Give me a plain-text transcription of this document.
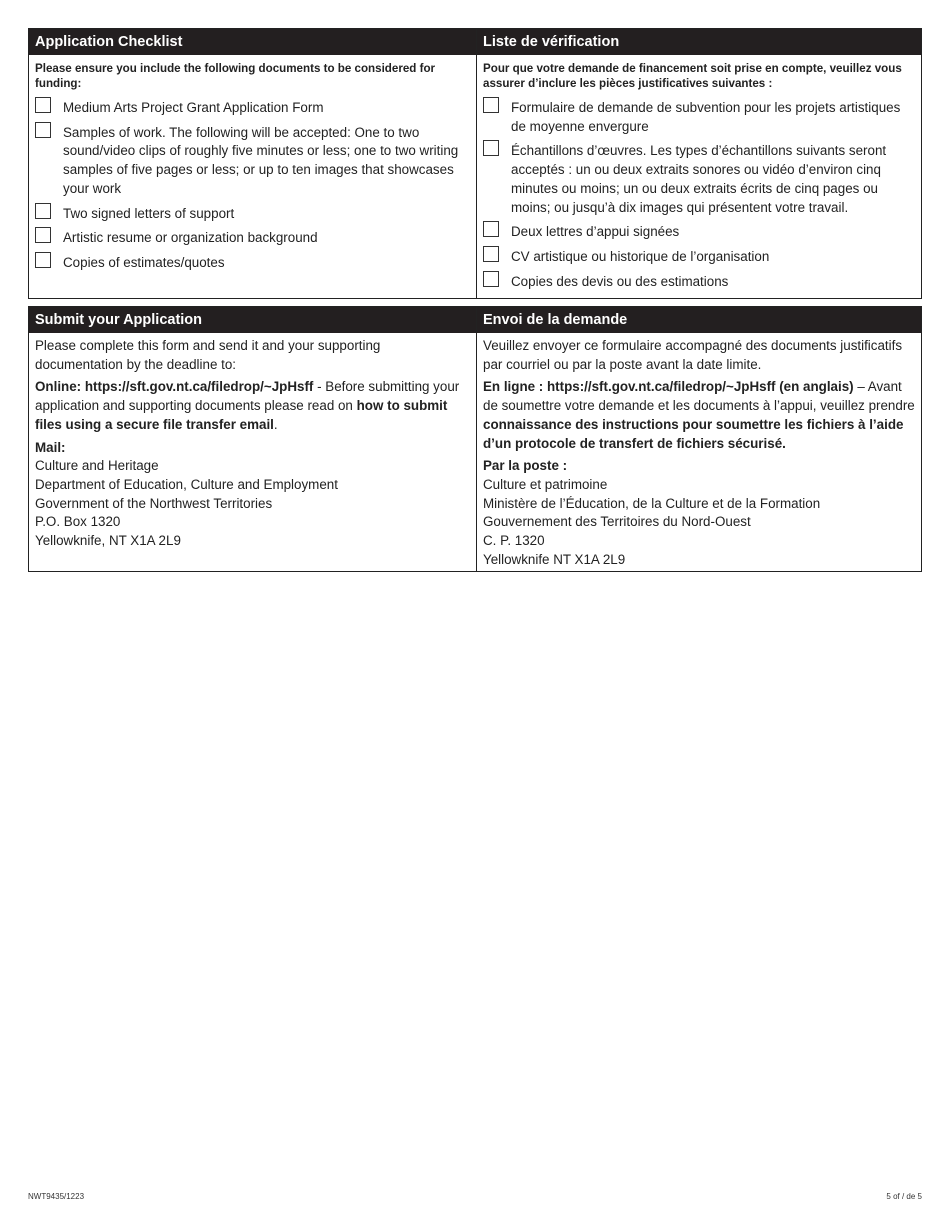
Application Checklist
Please ensure you include the following documents to be considered for funding:
Medium Arts Project Grant Application Form
Samples of work. The following will be accepted: One to two sound/video clips of roughly five minutes or less; one to two writing samples of five pages or less; or up to ten images that showcases your work
Two signed letters of support
Artistic resume or organization background
Copies of estimates/quotes
Liste de vérification
Pour que votre demande de financement soit prise en compte, veuillez vous assurer d’inclure les pièces justificatives suivantes :
Formulaire de demande de subvention pour les projets artistiques de moyenne envergure
Échantillons d’œuvres. Les types d’échantillons suivants seront acceptés : un ou deux extraits sonores ou vidéo d’environ cinq minutes ou moins; un ou deux extraits écrits de cinq pages ou moins; ou jusqu’à dix images qui présentent votre travail.
Deux lettres d’appui signées
CV artistique ou historique de l’organisation
Copies des devis ou des estimations
Submit your Application

Please complete this form and send it and your supporting documentation by the deadline to:

Online: https://sft.gov.nt.ca/filedrop/~JpHsff - Before submitting your application and supporting documents please read on how to submit files using a secure file transfer email.

Mail:
Culture and Heritage
Department of Education, Culture and Employment
Government of the Northwest Territories
P.O. Box 1320
Yellowknife, NT X1A 2L9
Envoi de la demande

Veuillez envoyer ce formulaire accompagné des documents justificatifs par courriel ou par la poste avant la date limite.

En ligne : https://sft.gov.nt.ca/filedrop/~JpHsff (en anglais) – Avant de soumettre votre demande et les documents à l’appui, veuillez prendre connaissance des instructions pour soumettre les fichiers à l’aide d’un protocole de transfert de fichiers sécurisé.

Par la poste :
Culture et patrimoine
Ministère de l’Éducation, de la Culture et de la Formation
Gouvernement des Territoires du Nord-Ouest
C. P. 1320
Yellowknife NT X1A 2L9
NWT9435/1223	5 of / de 5
